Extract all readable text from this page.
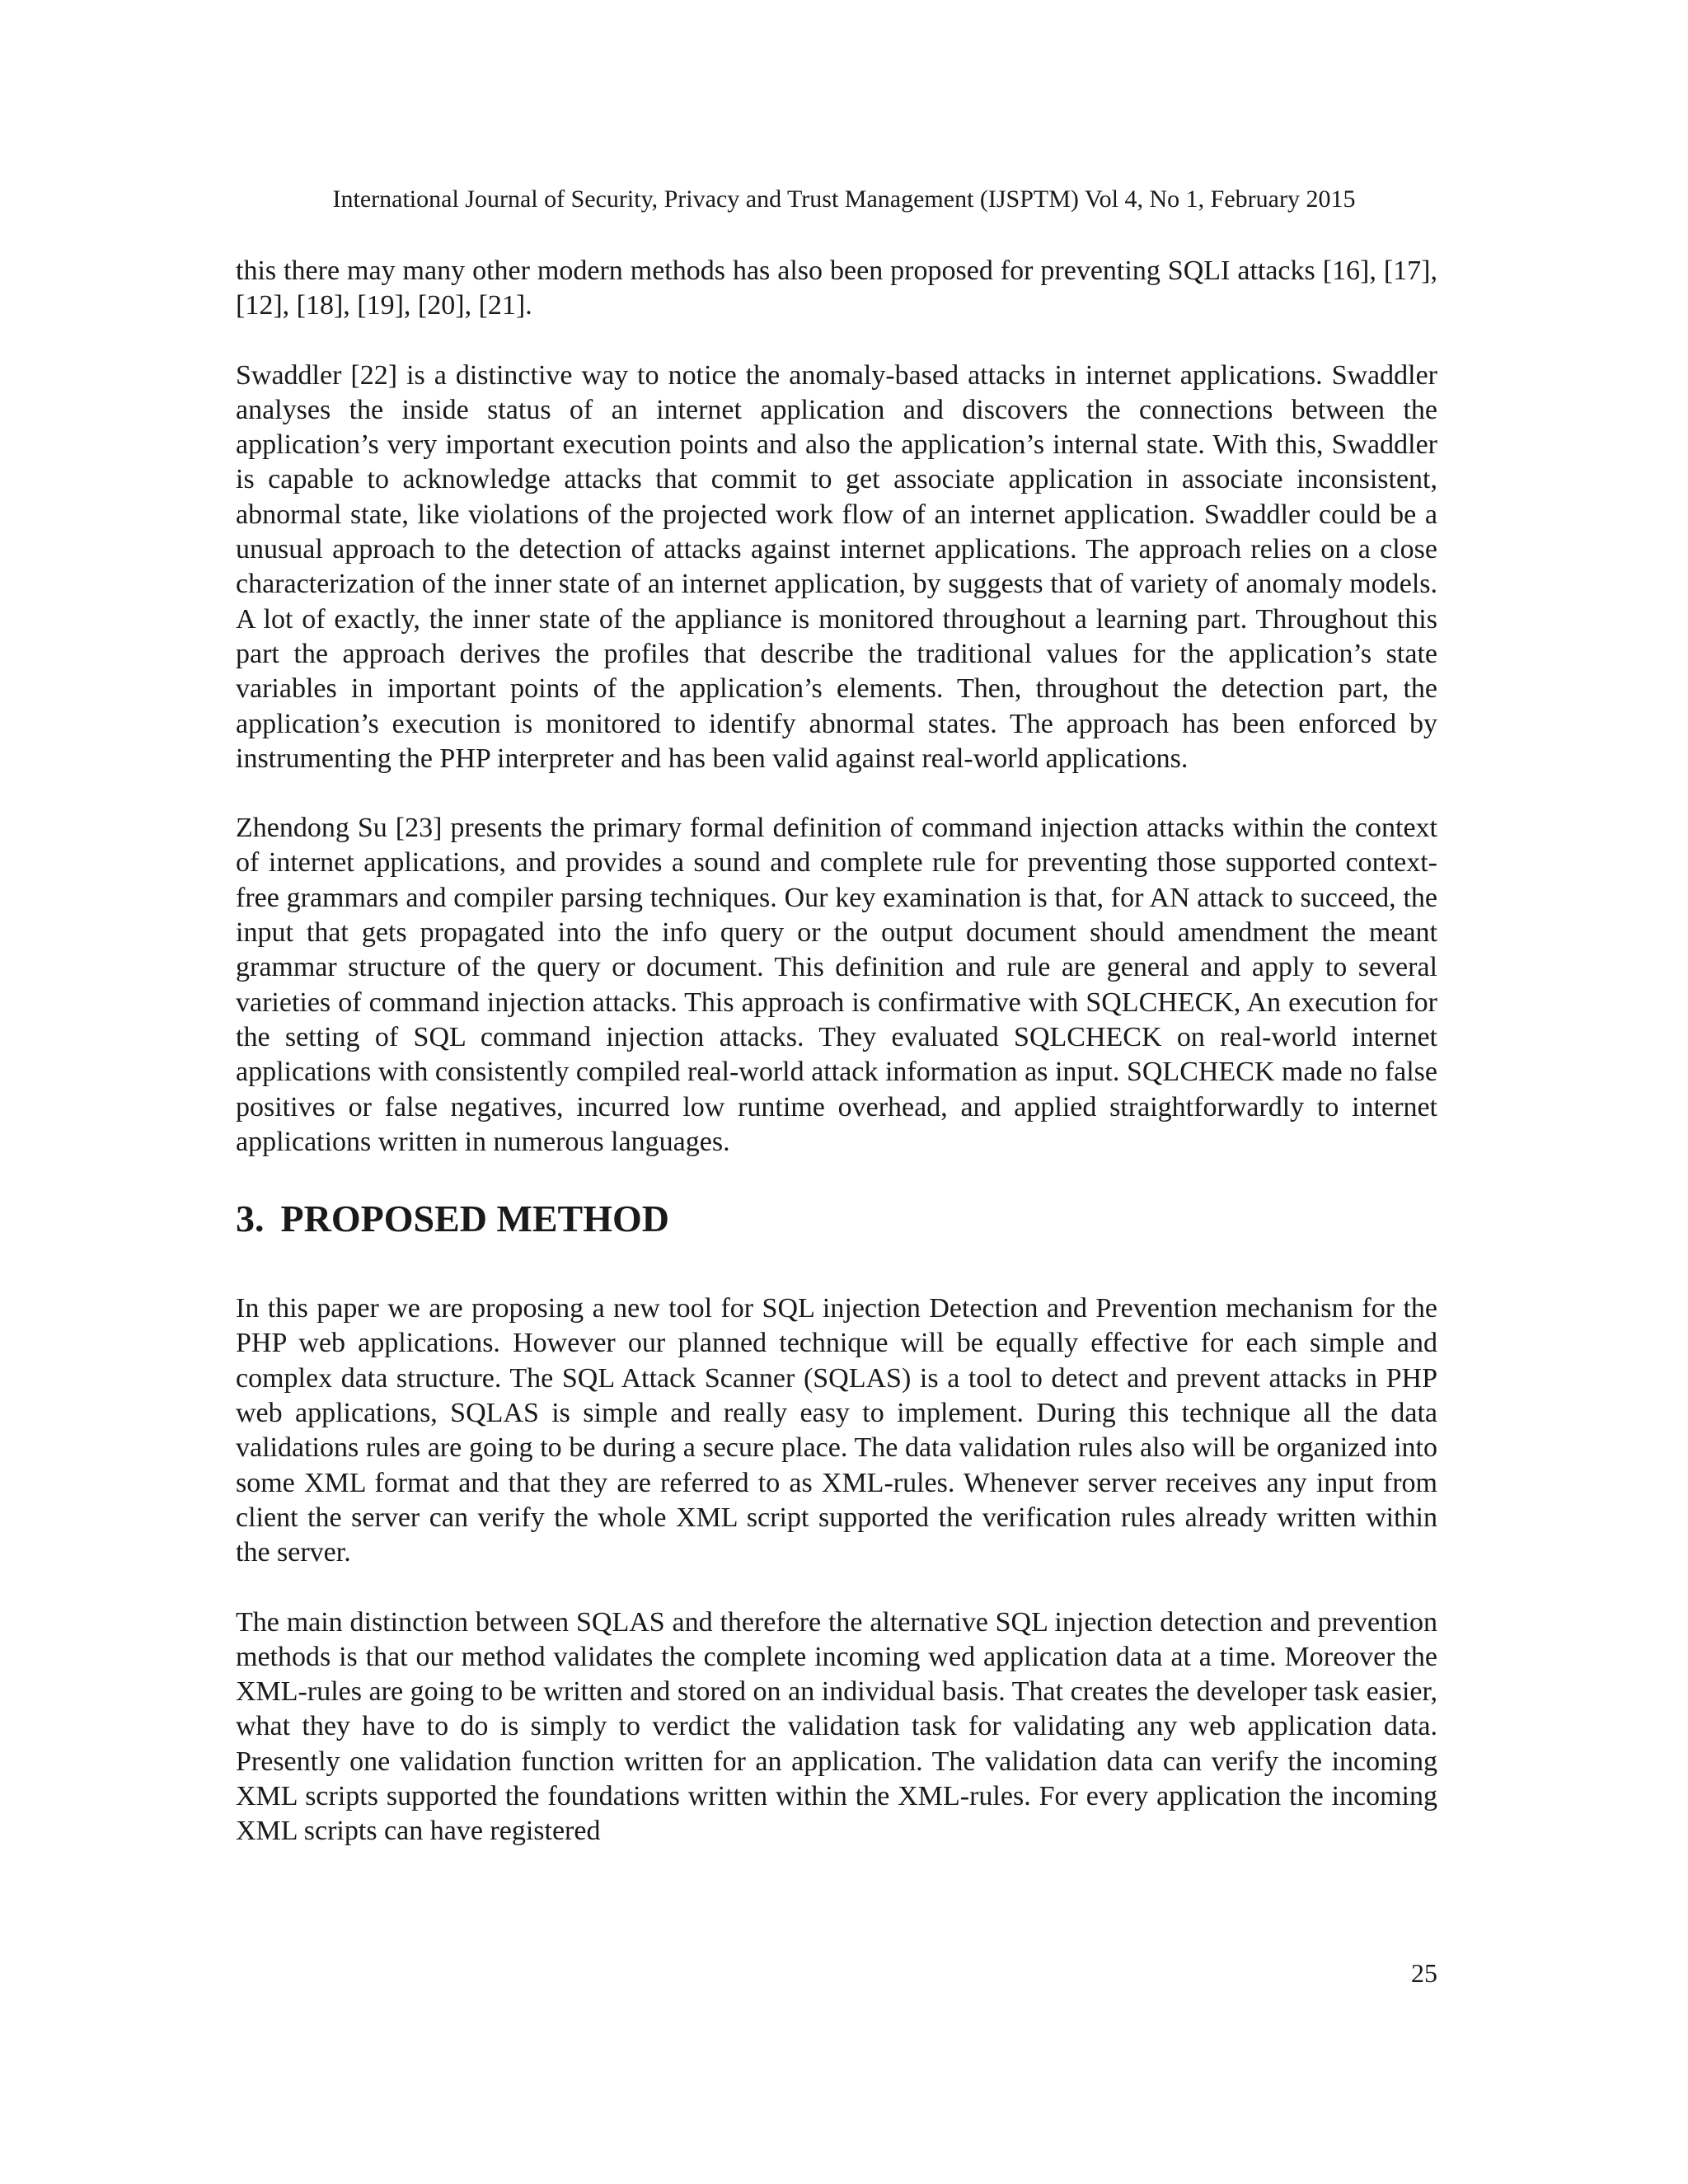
International Journal of Security, Privacy and Trust Management (IJSPTM) Vol 4, No 1, February 2015

this there may many other modern methods has also been proposed for preventing SQLI attacks [16], [17], [12], [18], [19], [20], [21].

Swaddler [22] is a distinctive way to notice the anomaly-based attacks in internet applications. Swaddler analyses the inside status of an internet application and discovers the connections between the application’s very important execution points and also the application’s internal state. With this, Swaddler is capable to acknowledge attacks that commit to get associate application in associate inconsistent, abnormal state, like violations of the projected work flow of an internet application. Swaddler could be a unusual approach to the detection of attacks against internet applications. The approach relies on a close characterization of the inner state of an internet application, by suggests that of variety of anomaly models. A lot of exactly, the inner state of the appliance is monitored throughout a learning part. Throughout this part the approach derives the profiles that describe the traditional values for the application’s state variables in important points of the application’s elements. Then, throughout the detection part, the application’s execution is monitored to identify abnormal states. The approach has been enforced by instrumenting the PHP interpreter and has been valid against real-world applications.

Zhendong Su [23] presents the primary formal definition of command injection attacks within the context of internet applications, and provides a sound and complete rule for preventing those supported context-free grammars and compiler parsing techniques. Our key examination is that, for AN attack to succeed, the input that gets propagated into the info query or the output document should amendment the meant grammar structure of the query or document. This definition and rule are general and apply to several varieties of command injection attacks. This approach is confirmative with SQLCHECK, An execution for the setting of SQL command injection attacks. They evaluated SQLCHECK on real-world internet applications with consistently compiled real-world attack information as input. SQLCHECK made no false positives or false negatives, incurred low runtime overhead, and applied straightforwardly to internet applications written in numerous languages.

3. PROPOSED METHOD

In this paper we are proposing a new tool for SQL injection Detection and Prevention mechanism for the PHP web applications. However our planned technique will be equally effective for each simple and complex data structure. The SQL Attack Scanner (SQLAS) is a tool to detect and prevent attacks in PHP web applications, SQLAS is simple and really easy to implement. During this technique all the data validations rules are going to be during a secure place. The data validation rules also will be organized into some XML format and that they are referred to as XML-rules. Whenever server receives any input from client the server can verify the whole XML script supported the verification rules already written within the server.

The main distinction between SQLAS and therefore the alternative SQL injection detection and prevention methods is that our method validates the complete incoming wed application data at a time. Moreover the XML-rules are going to be written and stored on an individual basis. That creates the developer task easier, what they have to do is simply to verdict the validation task for validating any web application data. Presently one validation function written for an application. The validation data can verify the incoming XML scripts supported the foundations written within the XML-rules. For every application the incoming XML scripts can have registered

25
